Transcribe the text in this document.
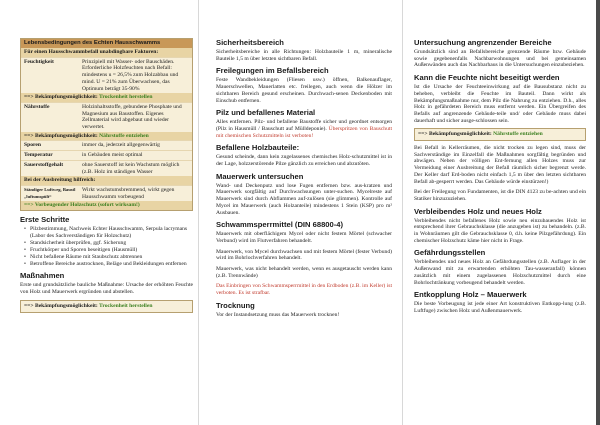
Lebensbedingungen des Echten Hausschwamms
Für einen Hausschwammbefall unabdingbare Faktoren:
Feuchtigkeit	Prinzipiell mit Wasser- oder Bauschäden. Erforderliche Holzfeuchten nach Befall: mindestens u = 26,5% zum Holzabbau und mind. U = 21% zum Überwachsen, das Optimum beträgt 35-90%
==> Bekämpfungsmöglichkeit: Trockenheit herstellen
Nährstoffe	Holzinhaltsstoffe, gebundene Phosphate und Magnesium aus Baustoffen. Eigenes Zellmaterial wird abgebaut und wieder verwertet.
==> Bekämpfungsmöglichkeit: Nährstoffe entziehen
Sporen	immer da, jederzeit allgegenwärtig
Temperatur	in Gebäuden meist optimal
Sauerstoffgehalt	ohne Sauerstoff ist kein Wachstum möglich (z.B. Holz im ständigen Wasser
Bei der Ausbreitung hilfreich:
Ständiger Luftweg, Baustl „luftumspült“
Wirkt wachstumsbremmend, wirkt gegen Hausschwamm vorbeugend
==> Vorbeugender Holzschutz (sofort wirksam!)
Erste Schritte
• Pilzbestimmung, Nachweis Echter Hausschwamm, Serpula lacrymans (Labor des Sachverständigen für Holzschutz)
• Standsicherheit überprüfen, ggf. Sicherung
• Fruchtkörper und Sporen beseitigen (Hausmüll)
• Nicht befallene Räume mit Staubschutz abtrennen
• Betroffene Bereiche austrocknen, Beläge und Bekleidungen entfernen
Maßnahmen

Erste und grundsätzliche bauliche Maßnahme: Ursache der erhöhten Feuchte von Holz und Mauerwerk ergründen und abstellen.

==> Bekämpfungsmöglichkeit: Trockenheit herstellen
Sicherheitsbereich

Sicherheitsbereiche in alle Richtungen: Holzbauteile 1 m, mineralische Bauteile 1,5 m über letzten sichtbaren Befall.

Freilegungen im Befallsbereich

Feste Wandbekleidungen (Fliesen usw.) öffnen, Balkenauflager, Mauerschwellen, Mauerlatten etc. freilegen, auch wenn die Hölzer im sichtbaren Bereich gesund erscheinen. Durchwach-senen Deckenboden mit Einschub entfernen.

Pilz und befallenes Material

Alles entfernen. Pilz- und befallene Baustoffe sicher und geordnet entsorgen (Pilz in Hausmüll / Bauschutt auf Mülldeponie). Überspritzen von Bauschutt mit chemischen Schutzmitteln ist verboten!

Befallene Holzbauteile:

Gesund scheinde, dann kein zugelassenes chemisches Holz-schutzmittel ist in der Lage, holzzerstörende Pilze gänzlich zu erreichen und abzutöten.

Mauerwerk untersuchen

Wand- und Deckenputz und lose Fugen entfernen bzw. aus-kratzen und Mauerwerk sorgfältig auf Durchwachsungen unter-suchen. Mycelreste auf Mauerwerk sind durch Abflammen auf-zulösen (sie glimmen). Kontrolle auf Mycel im Mauerwerk (auch Holzanteile) mindestens 1 Stein (KSP) pro m² Ausbauen.

Schwammsperrmittel (DIN 68800-4)

Mauerwerk mit oberflächigem Mycel oder nicht festem Mörtel (schwacher Verbund) wird im Flutverfahren behandelt.

Mauerwerk, von Mycel durchwachsen und mit festem Mörtel (fester Verbund) wird im Bohrlochverfahren behandelt.

Mauerwerk, was nicht behandelt werden, wenn es ausgetauscht werden kann (z.B. Trennwände)

Das Einbringen von Schwammsperrmittel in den Erdboden (z.B. im Keller) ist verboten. Es ist strafbar.

Trocknung

Vor der Instandsetzung muss das Mauerwerk trocknen!

Untersuchung angrenzender Bereiche

Grundsätzlich sind an Befallsbereiche grenzende Räume bzw. Gebäude sowie gegebenenfalls Nachbarwohnungen und bei gemeinsamen Außenwänden auch das Nachbarhaus in die Untersuchungen einzubeziehen.

Kann die Feuchte nicht beseitigt werden

Ist die Ursache der Feuchteeinwirkung auf die Bausubstanz nicht zu beheben, verbleibt die Feuchte im Bauteil. Dann wirkt als Bekämpfungsmaßnahme nur, dem Pilz die Nahrung zu entziehen. D.h., alles Holz in gefährdeten Bereich muss entfernt werden. Ein Übergreifen des Befalls auf angrenzende Gebäude-teile und/ oder Gebäude muss dabei dauerhaft und sicher ausge-schlossen sein.

==> Bekämpfungsmöglichkeit: Nährstoffe entziehen

Bei Befall in Kellerräumen, die nicht trocken zu legen sind, muss der Sachverständige im Einzelfall die Maßnahmen sorgfältig begründen und abwägen. Neben der völligen Ent-fernung allen Holzes muss zur Vermeidung einer Ausbreitung der Befall räumlich sicher begrenzt werde. Der Keller darf Erd-boden nicht einfach 1,5 m über den letzten sichtbaren Befall ab-gesperrt werden. Das Gebäude würde einstürzen!)

Bei der Freilegung von Fundamenten, ist die DIN 4123 zu be-achten und ein Statiker hinzuzuziehen.

Verbleibendes Holz und neues Holz

Verbleibendes nicht befallenes Holz sowie neu einzubauendes Holz ist entsprechend ihrer Gebrauchsklasse (die anzugeben ist) zu behandeln. (z.B. in Wohnräumen gilt die Gebrauchsklasse 0, d.h. keine Pilzgefährdung). Ein chemischer Holzschutz käme hier nicht in Frage.

Gefährdungsstellen

Verbleibendes und neues Holz an Gefährdungsstellen (z.B. Auflager in der Außenwand mit zu erwartenden erhöhten Tau-wasseranfall) können zusätzlich mit einem zugelassenen Holzschutzmittel durch eine Bohrlochtränkung vorbeugend behandelt werden.

Entkopplung Holz – Mauerwerk

Die beste Vorbeugung ist jede einer Art konstruktiven Entkopp-lung (z.B. Luftfuge) zwischen Holz und Außenmauerwerk.
